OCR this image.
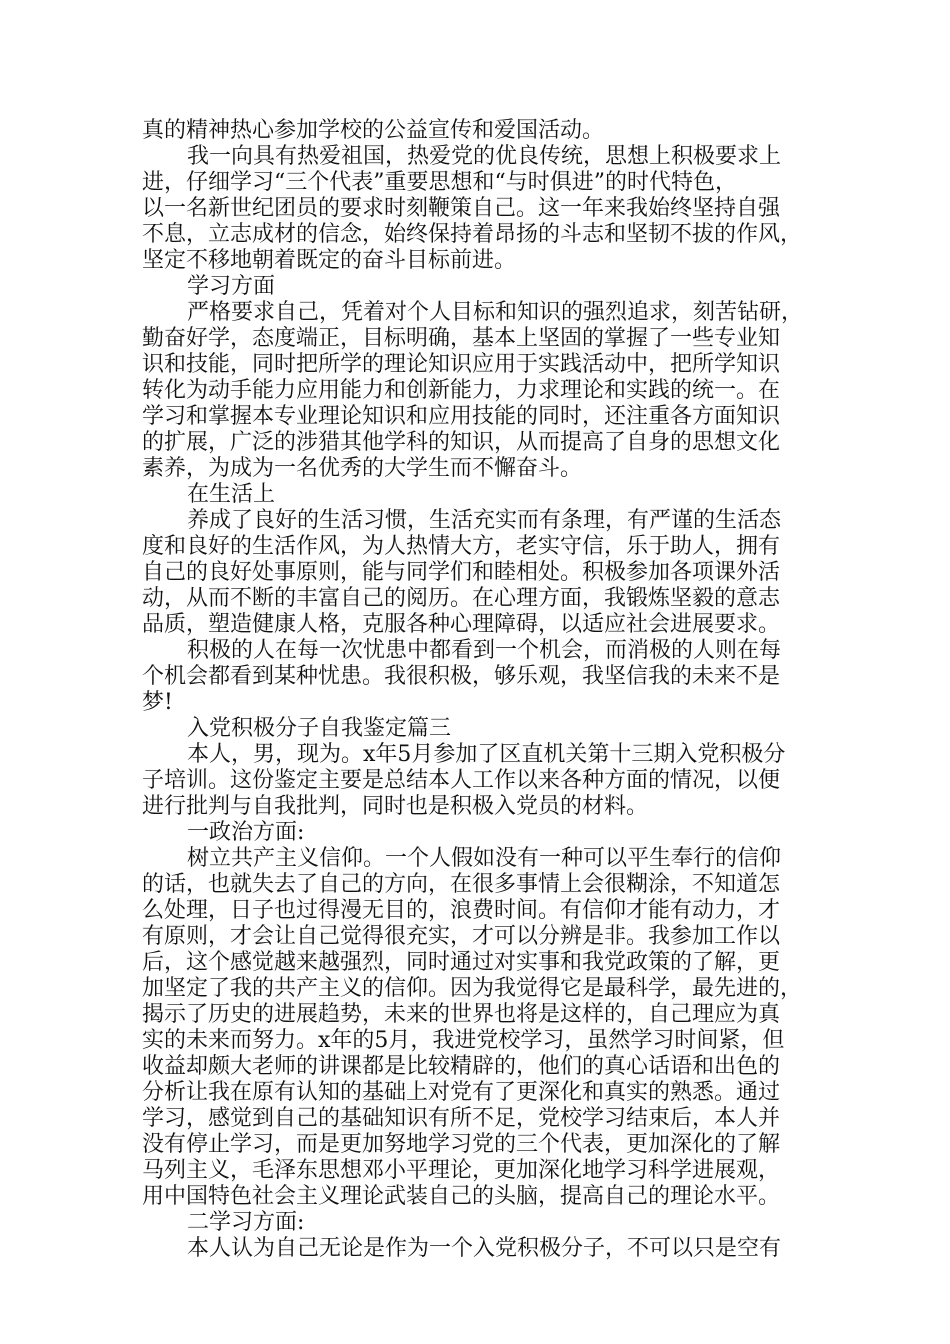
真的精神热心参加学校的公益宣传和爱国活动。
我一向具有热爱祖国，热爱党的优良传统，思想上积极要求上
进，仔细学习“三个代表”重要思想和“与时俱进”的时代特色，
以一名新世纪团员的要求时刻鞭策自己。这一年来我始终坚持自强
不息，立志成材的信念，始终保持着昂扬的斗志和坚韧不拔的作风，
坚定不移地朝着既定的奋斗目标前进。
学习方面
严格要求自己，凭着对个人目标和知识的强烈追求，刻苦钻研，
勤奋好学，态度端正，目标明确，基本上坚固的掌握了一些专业知
识和技能，同时把所学的理论知识应用于实践活动中，把所学知识
转化为动手能力应用能力和创新能力，力求理论和实践的统一。在
学习和掌握本专业理论知识和应用技能的同时，还注重各方面知识
的扩展，广泛的涉猎其他学科的知识，从而提高了自身的思想文化
素养，为成为一名优秀的大学生而不懈奋斗。
在生活上
养成了良好的生活习惯，生活充实而有条理，有严谨的生活态
度和良好的生活作风，为人热情大方，老实守信，乐于助人，拥有
自己的良好处事原则，能与同学们和睦相处。积极参加各项课外活
动，从而不断的丰富自己的阅历。在心理方面，我锻炼坚毅的意志
品质，塑造健康人格，克服各种心理障碍，以适应社会进展要求。
积极的人在每一次忧患中都看到一个机会，而消极的人则在每
个机会都看到某种忧患。我很积极，够乐观，我坚信我的未来不是
梦!
入党积极分子自我鉴定篇三
本人，男，现为。x年5月参加了区直机关第十三期入党积极分
子培训。这份鉴定主要是总结本人工作以来各种方面的情况，以便
进行批判与自我批判，同时也是积极入党员的材料。
一政治方面:
树立共产主义信仰。一个人假如没有一种可以平生奉行的信仰
的话，也就失去了自己的方向，在很多事情上会很糊涂，不知道怎
么处理，日子也过得漫无目的，浪费时间。有信仰才能有动力，才
有原则，才会让自己觉得很充实，才可以分辨是非。我参加工作以
后，这个感觉越来越强烈，同时通过对实事和我党政策的了解，更
加坚定了我的共产主义的信仰。因为我觉得它是最科学，最先进的，
揭示了历史的进展趋势，未来的世界也将是这样的，自己理应为真
实的未来而努力。x年的5月，我进党校学习，虽然学习时间紧，但
收益却颇大老师的讲课都是比较精辟的，他们的真心话语和出色的
分析让我在原有认知的基础上对党有了更深化和真实的熟悉。通过
学习，感觉到自己的基础知识有所不足，党校学习结束后，本人并
没有停止学习，而是更加努地学习党的三个代表，更加深化的了解
马列主义，毛泽东思想邓小平理论，更加深化地学习科学进展观，
用中国特色社会主义理论武装自己的头脑，提高自己的理论水平。
二学习方面:
本人认为自己无论是作为一个入党积极分子，不可以只是空有
